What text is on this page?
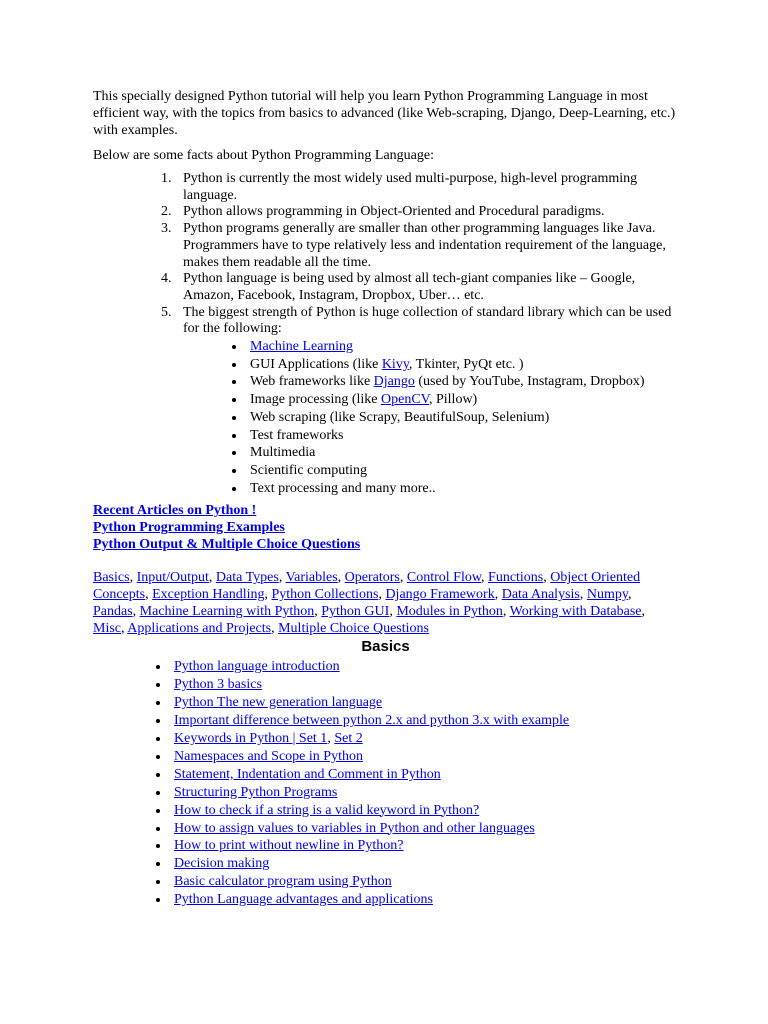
This specially designed Python tutorial will help you learn Python Programming Language in most efficient way, with the topics from basics to advanced (like Web-scraping, Django, Deep-Learning, etc.) with examples.

Below are some facts about Python Programming Language:

1. Python is currently the most widely used multi-purpose, high-level programming language.
2. Python allows programming in Object-Oriented and Procedural paradigms.
3. Python programs generally are smaller than other programming languages like Java. Programmers have to type relatively less and indentation requirement of the language, makes them readable all the time.
4. Python language is being used by almost all tech-giant companies like – Google, Amazon, Facebook, Instagram, Dropbox, Uber… etc.
5. The biggest strength of Python is huge collection of standard library which can be used for the following:
• Machine Learning
• GUI Applications (like Kivy, Tkinter, PyQt etc. )
• Web frameworks like Django (used by YouTube, Instagram, Dropbox)
• Image processing (like OpenCV, Pillow)
• Web scraping (like Scrapy, BeautifulSoup, Selenium)
• Test frameworks
• Multimedia
• Scientific computing
• Text processing and many more..
Recent Articles on Python !
Python Programming Examples
Python Output & Multiple Choice Questions

Basics, Input/Output, Data Types, Variables, Operators, Control Flow, Functions, Object Oriented Concepts, Exception Handling, Python Collections, Django Framework, Data Analysis, Numpy, Pandas, Machine Learning with Python, Python GUI, Modules in Python, Working with Database, Misc, Applications and Projects, Multiple Choice Questions

Basics
• Python language introduction
• Python 3 basics
• Python The new generation language
• Important difference between python 2.x and python 3.x with example
• Keywords in Python | Set 1, Set 2
• Namespaces and Scope in Python
• Statement, Indentation and Comment in Python
• Structuring Python Programs
• How to check if a string is a valid keyword in Python?
• How to assign values to variables in Python and other languages
• How to print without newline in Python?
• Decision making
• Basic calculator program using Python
• Python Language advantages and applications
